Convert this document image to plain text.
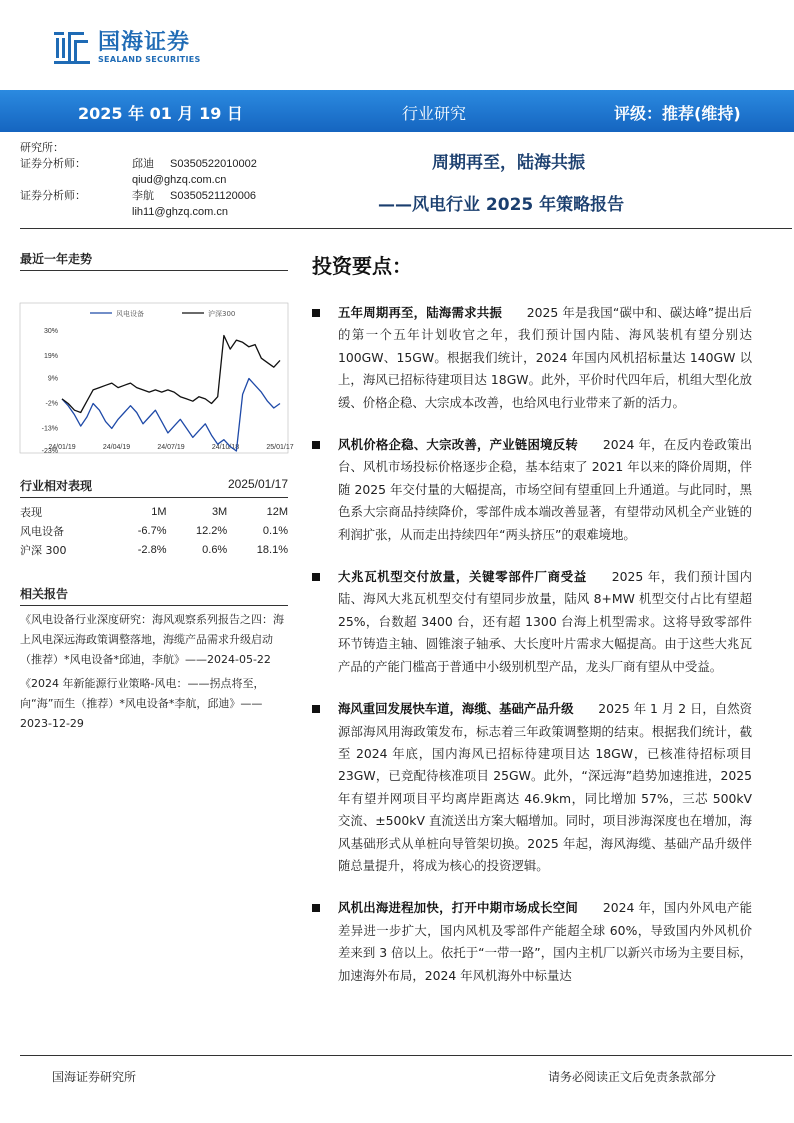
国海证券
SEALAND SECURITIES
2025 年 01 月 19 日	行业研究	评级：推荐(维持)
研究所：
证券分析师：	邱迪 S0350522010002
qiud@ghzq.com.cn
证券分析师：	李航 S0350521120006
lih11@ghzq.com.cn
周期再至，陆海共振
——风电行业 2025 年策略报告
最近一年走势
风电设备	沪深300
30%
19%
9%
-2%
-13%
-23%
24/01/19	24/04/19	24/07/19	24/10/18	25/01/17
行业相对表现	2025/01/17
表现	1M	3M	12M
风电设备	-6.7%	12.2%	0.1%
沪深 300	-2.8%	0.6%	18.1%
相关报告
《风电设备行业深度研究：海风观察系列报告之四：海上风电深远海政策调整落地，海缆产品需求升级启动（推荐）*风电设备*邱迪，李航》——2024-05-22
《2024 年新能源行业策略-风电：——拐点将至，向“海”而生（推荐）*风电设备*李航，邱迪》——2023-12-29
投资要点：
五年周期再至，陆海需求共振   2025 年是我国“碳中和、碳达峰”提出后的第一个五年计划收官之年，我们预计国内陆、海风装机有望分别达 100GW、15GW。根据我们统计，2024 年国内风机招标量达 140GW 以上，海风已招标待建项目达 18GW。此外，平价时代四年后，机组大型化放缓、价格企稳、大宗成本改善，也给风电行业带来了新的活力。
风机价格企稳、大宗改善，产业链困境反转   2024 年，在反内卷政策出台、风机市场投标价格逐步企稳，基本结束了 2021 年以来的降价周期，伴随 2025 年交付量的大幅提高，市场空间有望重回上升通道。与此同时，黑色系大宗商品持续降价，零部件成本端改善显著，有望带动风机全产业链的利润扩张，从而走出持续四年“两头挤压”的艰难境地。
大兆瓦机型交付放量，关键零部件厂商受益   2025 年，我们预计国内陆、海风大兆瓦机型交付有望同步放量，陆风 8+MW 机型交付占比有望超 25%，台数超 3400 台，还有超 1300 台海上机型需求。这将导致零部件环节铸造主轴、圆锥滚子轴承、大长度叶片需求大幅提高。由于这些大兆瓦产品的产能门槛高于普通中小级别机型产品，龙头厂商有望从中受益。
海风重回发展快车道，海缆、基础产品升级   2025 年 1 月 2 日，自然资源部海风用海政策发布，标志着三年政策调整期的结束。根据我们统计，截至 2024 年底，国内海风已招标待建项目达 18GW，已核准待招标项目 23GW，已竞配待核准项目 25GW。此外，“深远海”趋势加速推进，2025 年有望并网项目平均离岸距离达 46.9km，同比增加 57%，三芯 500kV 交流、±500kV 直流送出方案大幅增加。同时，项目涉海深度也在增加，海风基础形式从单桩向导管架切换。2025 年起，海风海缆、基础产品升级伴随总量提升，将成为核心的投资逻辑。
风机出海进程加快，打开中期市场成长空间   2024 年，国内外风电产能差异进一步扩大，国内风机及零部件产能超全球 60%，导致国内外风机价差来到 3 倍以上。依托于“一带一路”，国内主机厂以新兴市场为主要目标，加速海外布局，2024 年风机海外中标量达
国海证券研究所	请务必阅读正文后免责条款部分
